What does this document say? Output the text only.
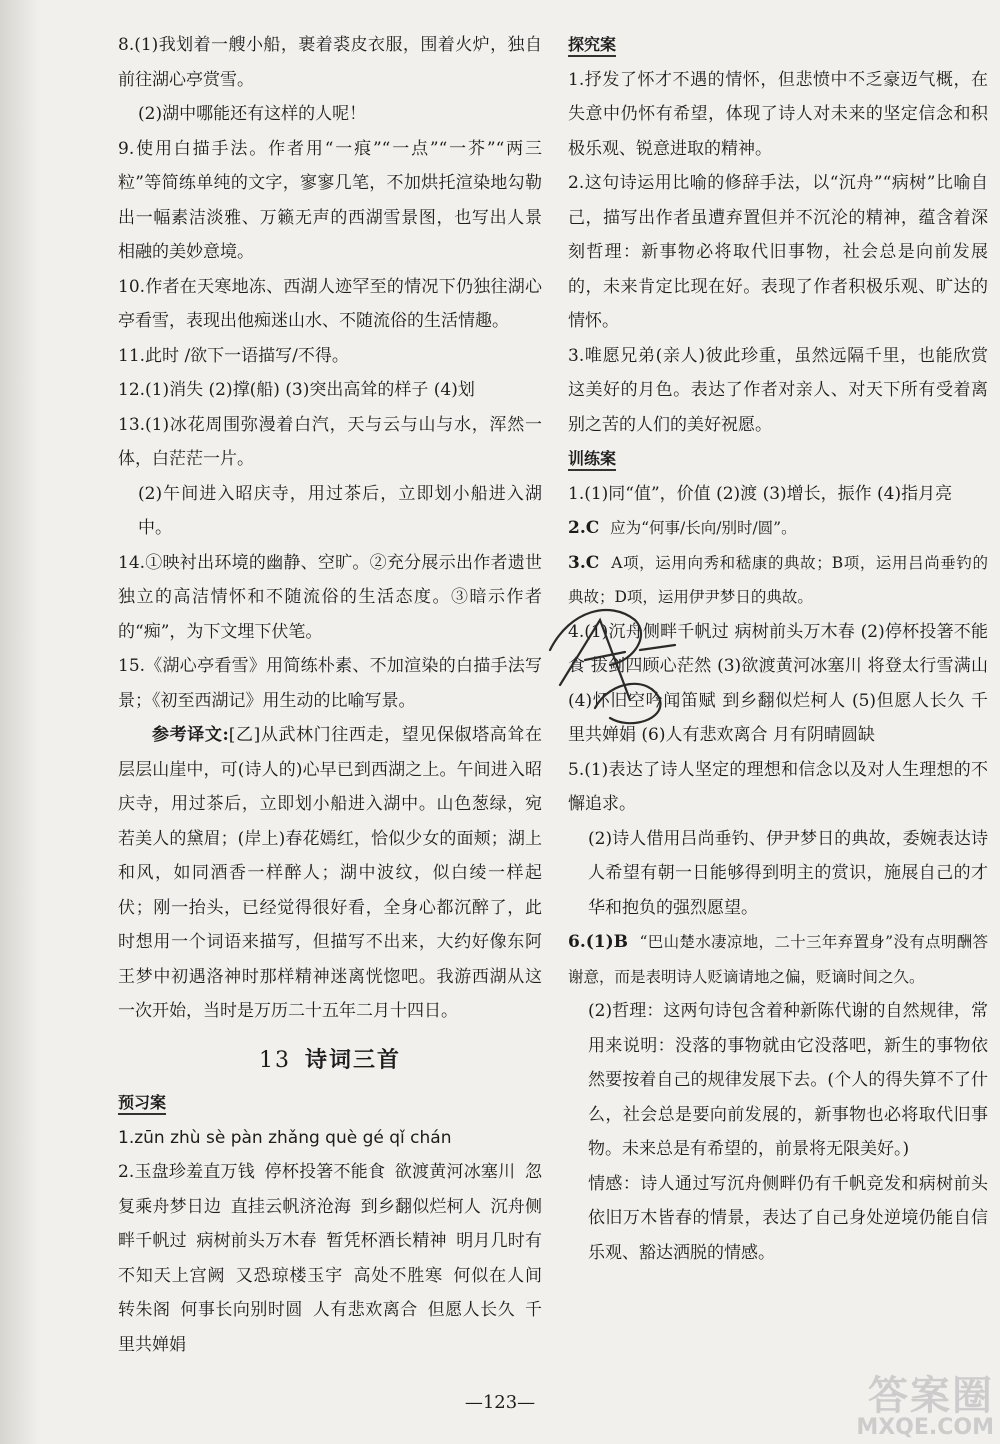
8.(1)我划着一艘小船，裹着裘皮衣服，围着火炉，独自前往湖心亭赏雪。

(2)湖中哪能还有这样的人呢！

9.使用白描手法。作者用“一痕”“一点”“一芥”“两三粒”等简练单纯的文字，寥寥几笔，不加烘托渲染地勾勒出一幅素洁淡雅、万籁无声的西湖雪景图，也写出人景相融的美妙意境。

10.作者在天寒地冻、西湖人迹罕至的情况下仍独往湖心亭看雪，表现出他痴迷山水、不随流俗的生活情趣。

11.此时 /欲下一语描写/不得。

12.(1)消失 (2)撑(船) (3)突出高耸的样子 (4)划

13.(1)冰花周围弥漫着白汽，天与云与山与水，浑然一体，白茫茫一片。

(2)午间进入昭庆寺，用过茶后，立即划小船进入湖中。

14.①映衬出环境的幽静、空旷。②充分展示出作者遗世独立的高洁情怀和不随流俗的生活态度。③暗示作者的“痴”，为下文埋下伏笔。

15.《湖心亭看雪》用简练朴素、不加渲染的白描手法写景；《初至西湖记》用生动的比喻写景。

参考译文:[乙]从武林门往西走，望见保俶塔高耸在层层山崖中，可(诗人的)心早已到西湖之上。午间进入昭庆寺，用过茶后，立即划小船进入湖中。山色葱绿，宛若美人的黛眉；(岸上)春花嫣红，恰似少女的面颊；湖上和风，如同酒香一样醉人；湖中波纹，似白绫一样起伏；刚一抬头，已经觉得很好看，全身心都沉醉了，此时想用一个词语来描写，但描写不出来，大约好像东阿王梦中初遇洛神时那样精神迷离恍惚吧。我游西湖从这一次开始，当时是万历二十五年二月十四日。

13 诗词三首
预习案

1.zūn zhù sè pàn zhǎng què gé qǐ chán

2.玉盘珍羞直万钱 停杯投箸不能食 欲渡黄河冰塞川 忽复乘舟梦日边 直挂云帆济沧海 到乡翻似烂柯人 沉舟侧畔千帆过 病树前头万木春 暂凭杯酒长精神 明月几时有 不知天上宫阙 又恐琼楼玉宇 高处不胜寒 何似在人间 转朱阁 何事长向别时圆 人有悲欢离合 但愿人长久 千里共婵娟

探究案

1.抒发了怀才不遇的情怀，但悲愤中不乏豪迈气概，在失意中仍怀有希望，体现了诗人对未来的坚定信念和积极乐观、锐意进取的精神。

2.这句诗运用比喻的修辞手法，以“沉舟”“病树”比喻自己，描写出作者虽遭弃置但并不沉沦的精神，蕴含着深刻哲理：新事物必将取代旧事物，社会总是向前发展的，未来肯定比现在好。表现了作者积极乐观、旷达的情怀。

3.唯愿兄弟(亲人)彼此珍重，虽然远隔千里，也能欣赏这美好的月色。表达了作者对亲人、对天下所有受着离别之苦的人们的美好祝愿。

训练案

1.(1)同“值”，价值 (2)渡 (3)增长，振作 (4)指月亮

2.C 应为“何事/长向/别时/圆”。

3.C A项，运用向秀和嵇康的典故；B项，运用吕尚垂钓的典故；D项，运用伊尹梦日的典故。

4.(1)沉舟侧畔千帆过 病树前头万木春 (2)停杯投箸不能食 拔剑四顾心茫然 (3)欲渡黄河冰塞川 将登太行雪满山 (4)怀旧空吟闻笛赋 到乡翻似烂柯人 (5)但愿人长久 千里共婵娟 (6)人有悲欢离合 月有阴晴圆缺

5.(1)表达了诗人坚定的理想和信念以及对人生理想的不懈追求。

(2)诗人借用吕尚垂钓、伊尹梦日的典故，委婉表达诗人希望有朝一日能够得到明主的赏识，施展自己的才华和抱负的强烈愿望。

6.(1)B “巴山楚水凄凉地，二十三年弃置身”没有点明酬答谢意，而是表明诗人贬谪请地之偏，贬谪时间之久。

(2)哲理：这两句诗包含着种新陈代谢的自然规律，常用来说明：没落的事物就由它没落吧，新生的事物依然要按着自己的规律发展下去。(个人的得失算不了什么，社会总是要向前发展的，新事物也必将取代旧事物。未来总是有希望的，前景将无限美好。)

情感：诗人通过写沉舟侧畔仍有千帆竞发和病树前头依旧万木皆春的情景，表达了自己身处逆境仍能自信乐观、豁达洒脱的情感。

—123—	答案圈
MXQE.COM
